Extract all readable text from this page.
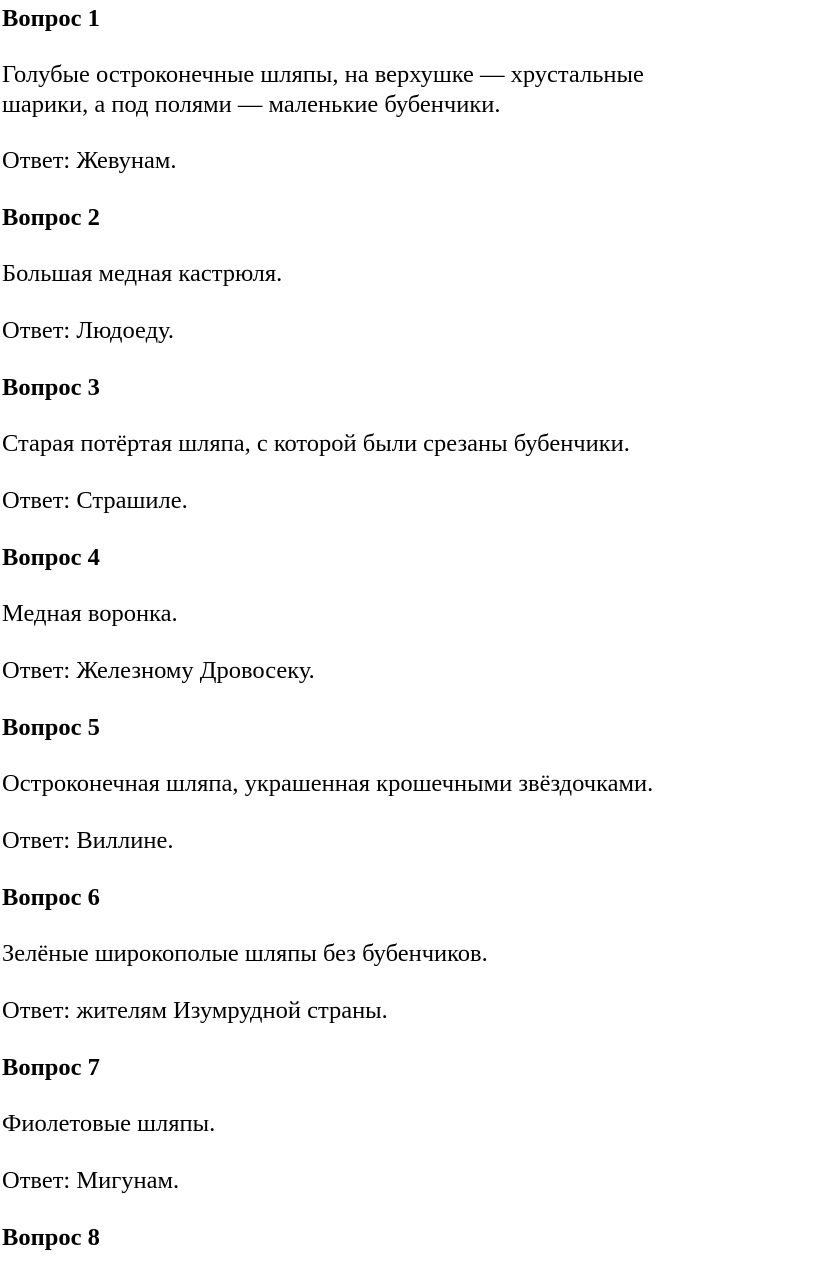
Вопрос 1

Голубые остроконечные шляпы, на верхушке — хрустальные

шарики, а под полями — маленькие бубенчики.

Ответ: Жевунам.

Вопрос 2

Большая медная кастрюля.

Ответ: Людоеду.

Вопрос 3

Старая потёртая шляпа, с которой были срезаны бубенчики.

Ответ: Страшиле.

Вопрос 4

Медная воронка.

Ответ: Железному Дровосеку.

Вопрос 5

Остроконечная шляпа, украшенная крошечными звёздочками.

Ответ: Виллине.

Вопрос 6

Зелёные широкополые шляпы без бубенчиков.

Ответ: жителям Изумрудной страны.

Вопрос 7

Фиолетовые шляпы.

Ответ: Мигунам.

Вопрос 8
